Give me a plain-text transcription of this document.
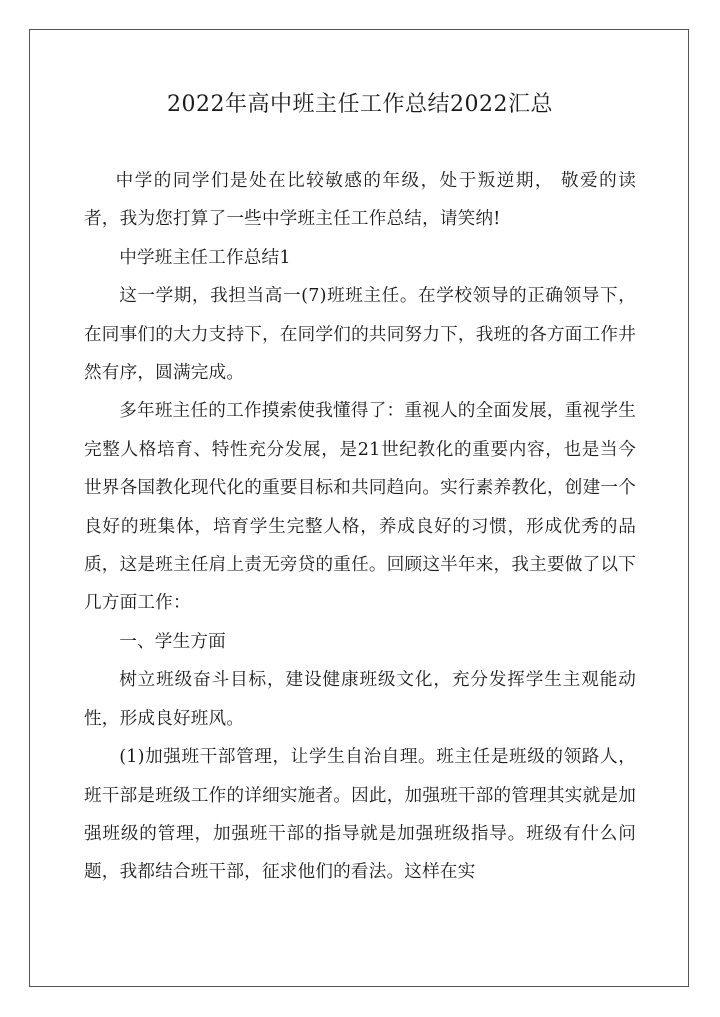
2022年高中班主任工作总结2022汇总

中学的同学们是处在比较敏感的年级，处于叛逆期， 敬爱的读者，我为您打算了一些中学班主任工作总结，请笑纳!

中学班主任工作总结1

这一学期，我担当高一(7)班班主任。在学校领导的正确领导下，在同事们的大力支持下，在同学们的共同努力下，我班的各方面工作井然有序，圆满完成。

多年班主任的工作摸索使我懂得了：重视人的全面发展，重视学生完整人格培育、特性充分发展，是21世纪教化的重要内容，也是当今世界各国教化现代化的重要目标和共同趋向。实行素养教化，创建一个良好的班集体，培育学生完整人格，养成良好的习惯，形成优秀的品质，这是班主任肩上责无旁贷的重任。回顾这半年来，我主要做了以下几方面工作：

一、学生方面

树立班级奋斗目标，建设健康班级文化，充分发挥学生主观能动性，形成良好班风。

(1)加强班干部管理，让学生自治自理。班主任是班级的领路人，班干部是班级工作的详细实施者。因此，加强班干部的管理其实就是加强班级的管理，加强班干部的指导就是加强班级指导。班级有什么问题，我都结合班干部，征求他们的看法。这样在实
